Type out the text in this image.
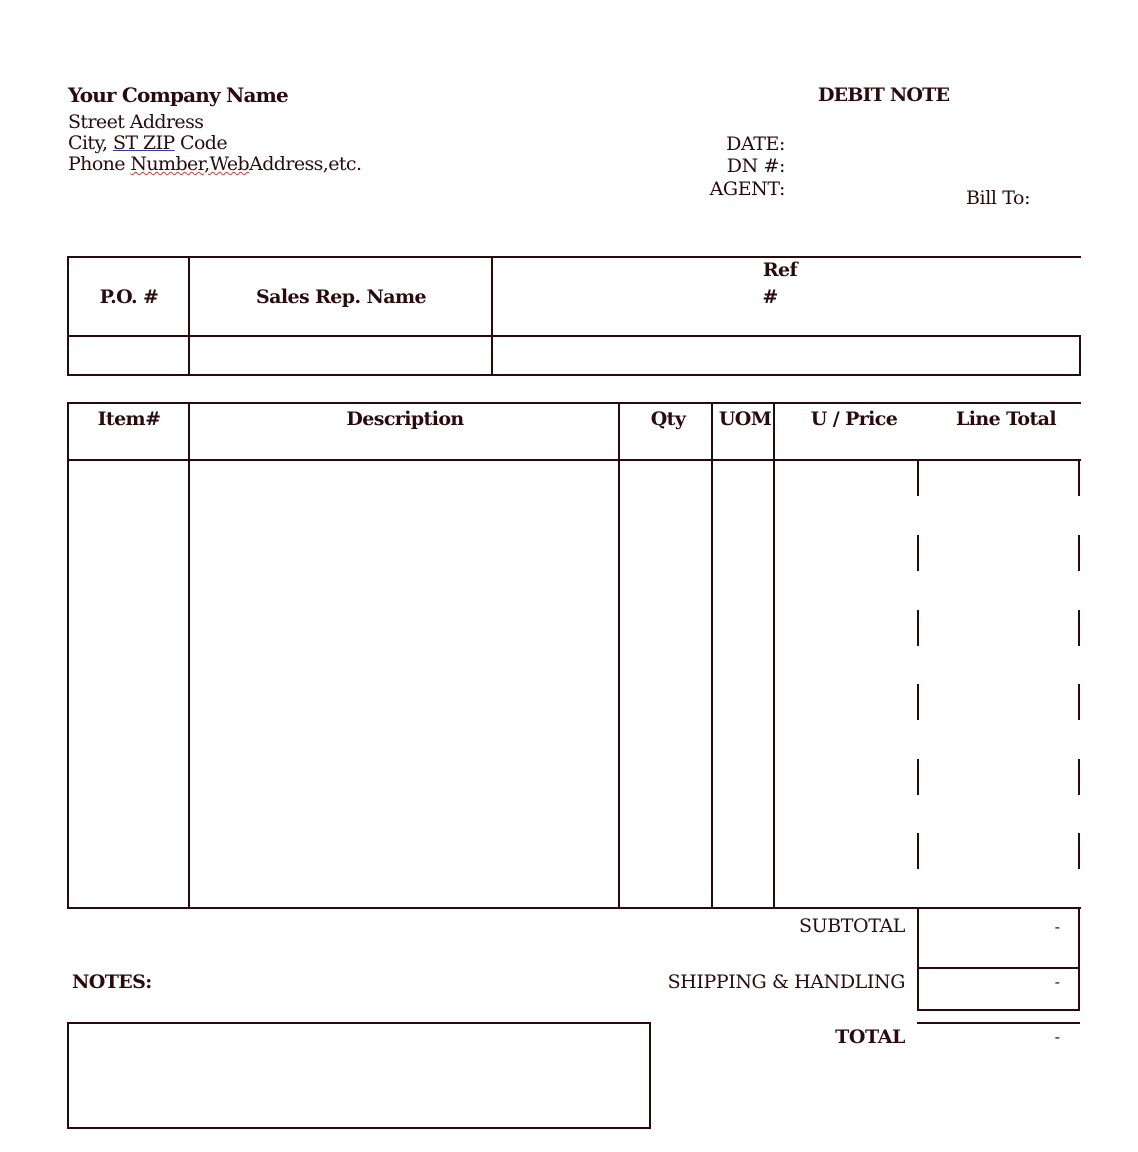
Your Company Name
Street Address
City, ST ZIP Code
Phone Number,WebAddress,etc.
DEBIT NOTE
DATE:
DN #:
AGENT:	Bill To:
P.O. #	Sales Rep. Name
Ref
#
Item#	Description	Qty	UOM	U / Price	Line Total
SUBTOTAL	-
SHIPPING & HANDLING	-
TOTAL	-
NOTES:
